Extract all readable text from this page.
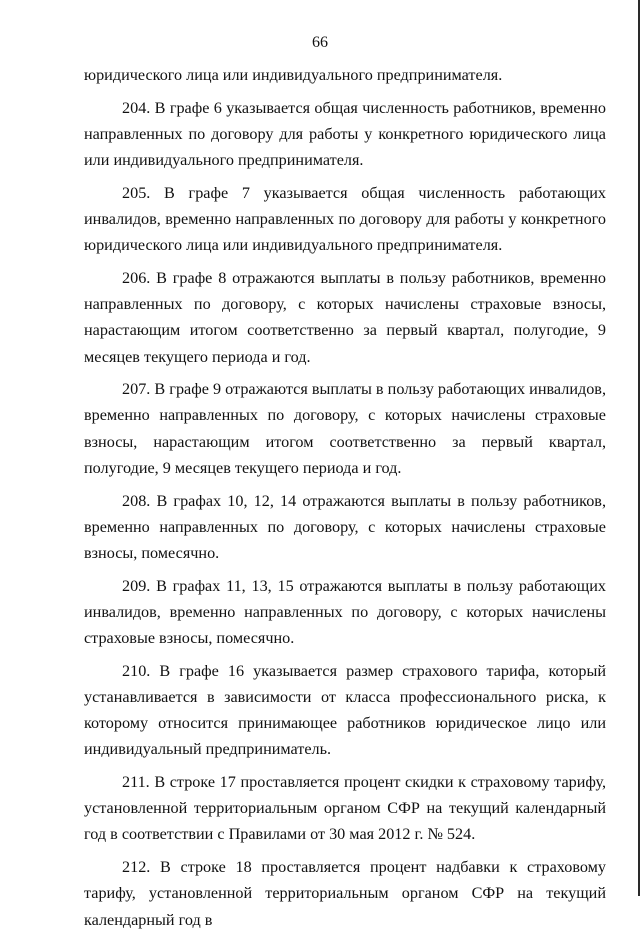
66

юридического лица или индивидуального предпринимателя.

204. В графе 6 указывается общая численность работников, временно направленных по договору для работы у конкретного юридического лица или индивидуального предпринимателя.

205. В графе 7 указывается общая численность работающих инвалидов, временно направленных по договору для работы у конкретного юридического лица или индивидуального предпринимателя.

206. В графе 8 отражаются выплаты в пользу работников, временно направленных по договору, с которых начислены страховые взносы, нарастающим итогом соответственно за первый квартал, полугодие, 9 месяцев текущего периода и год.

207. В графе 9 отражаются выплаты в пользу работающих инвалидов, временно направленных по договору, с которых начислены страховые взносы, нарастающим итогом соответственно за первый квартал, полугодие, 9 месяцев текущего периода и год.

208. В графах 10, 12, 14 отражаются выплаты в пользу работников, временно направленных по договору, с которых начислены страховые взносы, помесячно.

209. В графах 11, 13, 15 отражаются выплаты в пользу работающих инвалидов, временно направленных по договору, с которых начислены страховые взносы, помесячно.

210. В графе 16 указывается размер страхового тарифа, который устанавливается в зависимости от класса профессионального риска, к которому относится принимающее работников юридическое лицо или индивидуальный предприниматель.

211. В строке 17 проставляется процент скидки к страховому тарифу, установленной территориальным органом СФР на текущий календарный год в соответствии с Правилами от 30 мая 2012 г. № 524.

212. В строке 18 проставляется процент надбавки к страховому тарифу, установленной территориальным органом СФР на текущий календарный год в
